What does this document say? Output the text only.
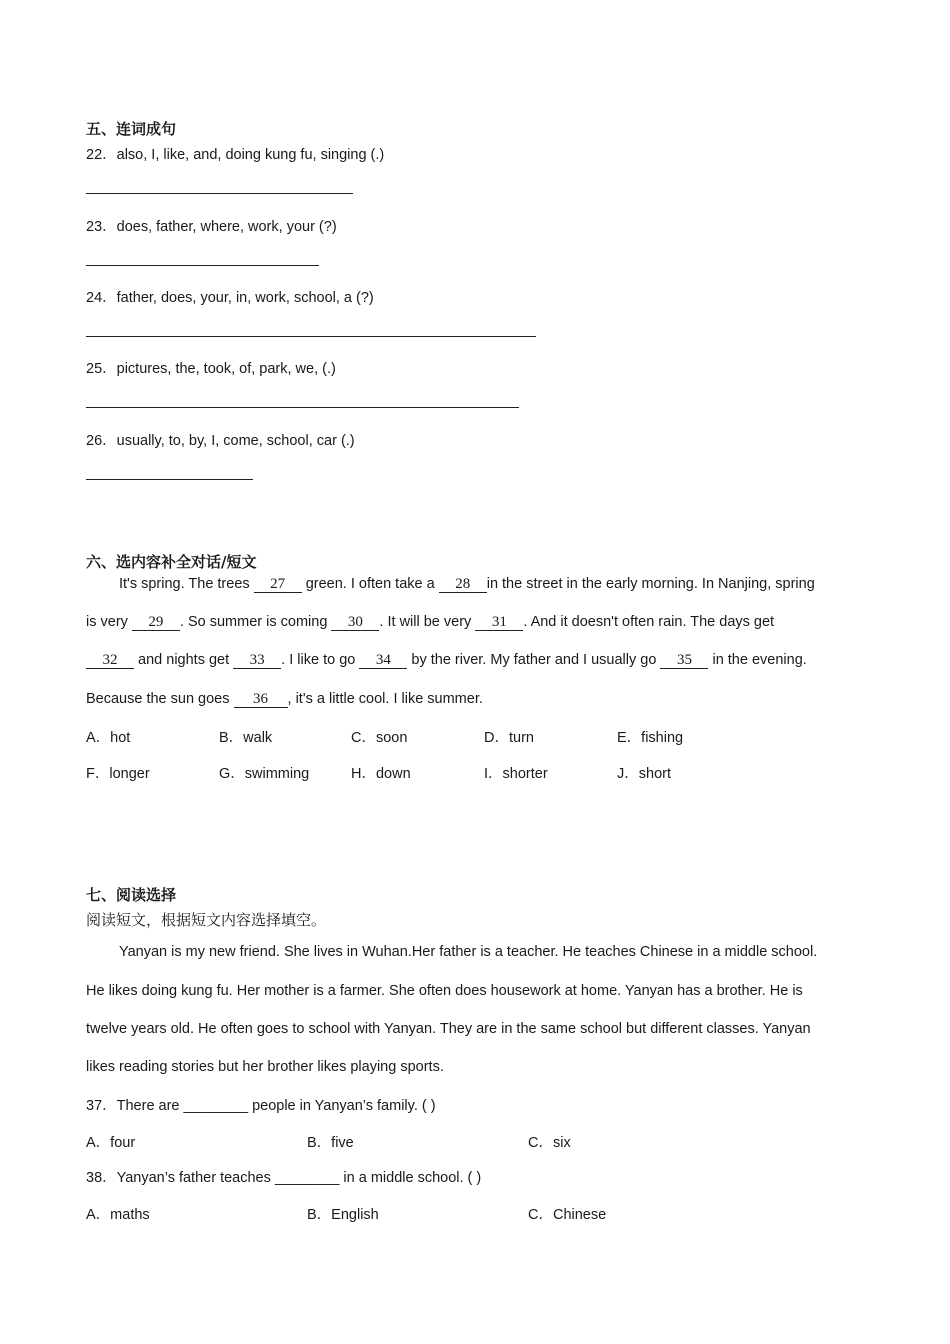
五、连词成句
22．also, I, like, and, doing kung fu, singing (.)
23．does, father, where, work, your (?)
24．father, does, your, in, work, school, a (?)
25．pictures, the, took, of, park, we, (.)
26．usually, to, by, I, come, school, car (.)
六、选内容补全对话/短文
It's spring. The trees 27 green. I often take a 28 in the street in the early morning. In Nanjing, spring
is very 29 . So summer is coming 30 . It will be very 31 . And it doesn't often rain. The days get
32 and nights get 33 . I like to go 34 by the river. My father and I usually go 35 in the evening.
Because the sun goes 36 , it's a little cool. I like summer.
A．hot	B．walk	C．soon	D．turn	E．fishing
F．longer	G．swimming	H．down	I．shorter	J．short
七、阅读选择
阅读短文，根据短文内容选择填空。
Yanyan is my new friend. She lives in Wuhan.Her father is a teacher. He teaches Chinese in a middle school.
He likes doing kung fu. Her mother is a farmer. She often does housework at home. Yanyan has a brother. He is
twelve years old. He often goes to school with Yanyan. They are in the same school but different classes. Yanyan
likes reading stories but her brother likes playing sports.
37．There are ________ people in Yanyan’s family. ( )
A．four	B．five	C．six
38．Yanyan’s father teaches ________ in a middle school. ( )
A．maths	B．English	C．Chinese
